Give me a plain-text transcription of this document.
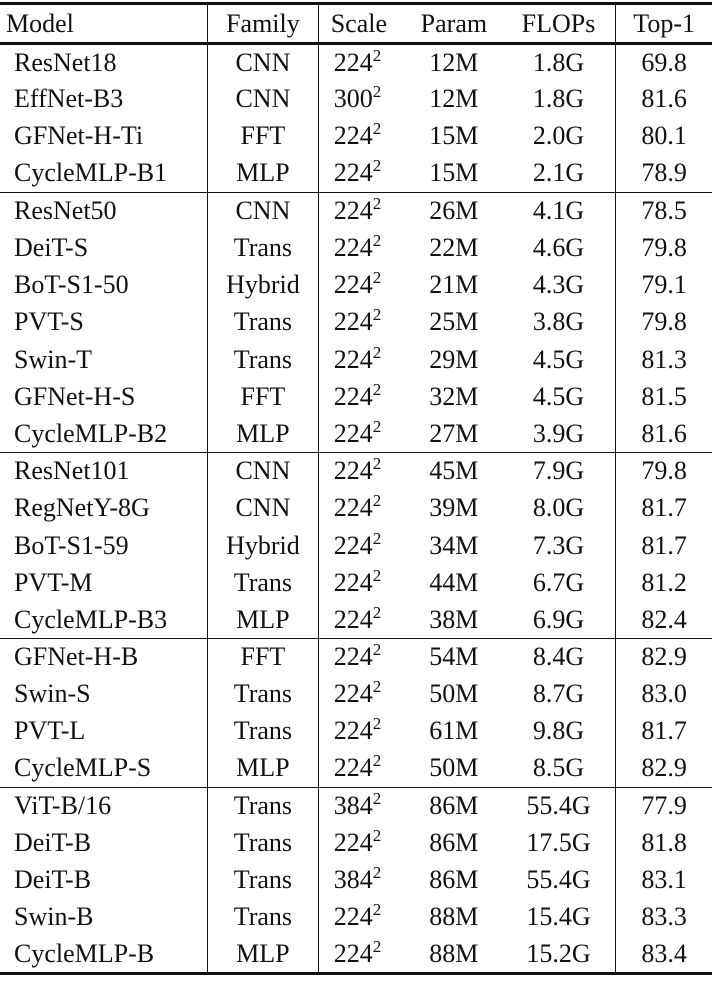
Model	Family	Scale	Param	FLOPs	Top-1
ResNet18	CNN	$224^2$	12M	1.8G	69.8
EffNet-B3	CNN	$300^2$	12M	1.8G	81.6
GFNet-H-Ti	FFT	$224^2$	15M	2.0G	80.1
CycleMLP-B1	MLP	$224^2$	15M	2.1G	78.9
ResNet50	CNN	$224^2$	26M	4.1G	78.5
DeiT-S	Trans	$224^2$	22M	4.6G	79.8
BoT-S1-50	Hybrid	$224^2$	21M	4.3G	79.1
PVT-S	Trans	$224^2$	25M	3.8G	79.8
Swin-T	Trans	$224^2$	29M	4.5G	81.3
GFNet-H-S	FFT	$224^2$	32M	4.5G	81.5
CycleMLP-B2	MLP	$224^2$	27M	3.9G	81.6
ResNet101	CNN	$224^2$	45M	7.9G	79.8
RegNetY-8G	CNN	$224^2$	39M	8.0G	81.7
BoT-S1-59	Hybrid	$224^2$	34M	7.3G	81.7
PVT-M	Trans	$224^2$	44M	6.7G	81.2
CycleMLP-B3	MLP	$224^2$	38M	6.9G	82.4
GFNet-H-B	FFT	$224^2$	54M	8.4G	82.9
Swin-S	Trans	$224^2$	50M	8.7G	83.0
PVT-L	Trans	$224^2$	61M	9.8G	81.7
CycleMLP-S	MLP	$224^2$	50M	8.5G	82.9
ViT-B/16	Trans	$384^2$	86M	55.4G	77.9
DeiT-B	Trans	$224^2$	86M	17.5G	81.8
DeiT-B	Trans	$384^2$	86M	55.4G	83.1
Swin-B	Trans	$224^2$	88M	15.4G	83.3
CycleMLP-B	MLP	$224^2$	88M	15.2G	83.4
